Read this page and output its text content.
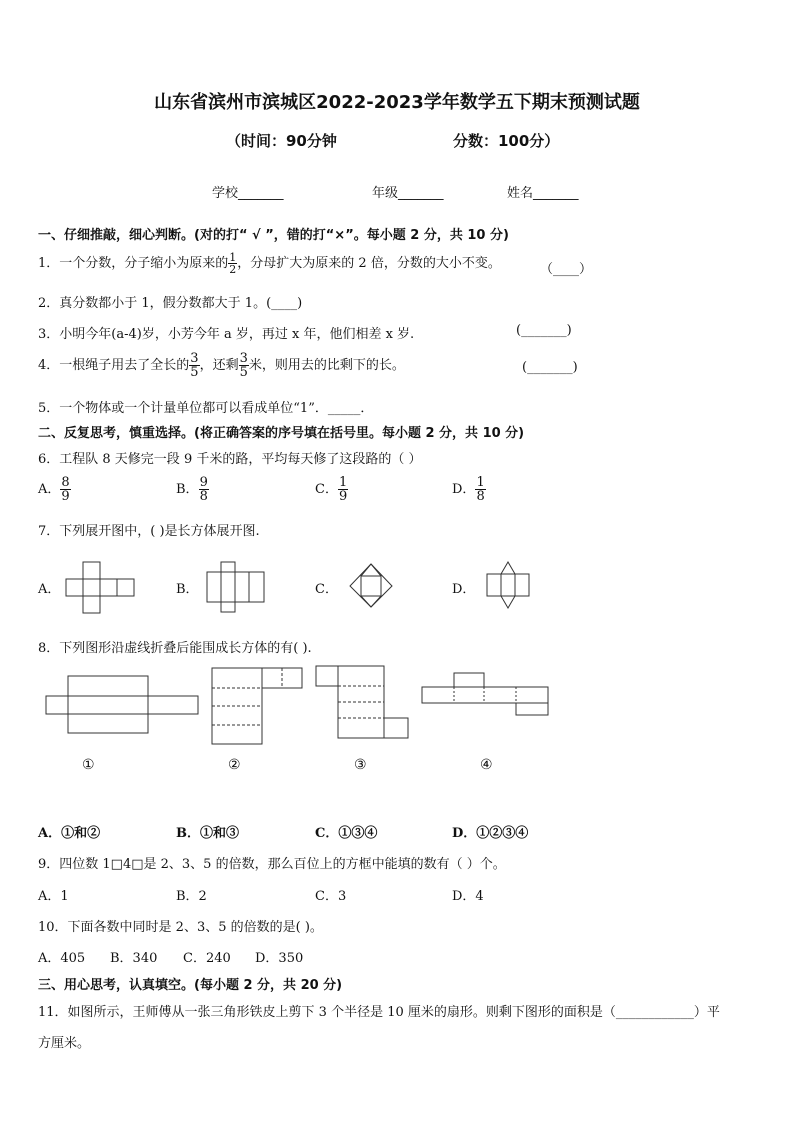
山东省滨州市滨城区2022-2023学年数学五下期末预测试题
（时间：90分钟	分数：100分）
学校_______	年级_______	姓名_______
一、仔细推敲，细心判断。(对的打“ √ ”，错的打“×”。每小题 2 分，共 10 分)
1．一个分数，分子缩小为原来的 $\frac{1}{2}$ ，分母扩大为原来的 2 倍，分数的大小不变。	（____）
2．真分数都小于 1，假分数都大于 1。(____)
3．小明今年(a-4)岁，小芳今年 a 岁，再过 x 年，他们相差 x 岁.	(_______)
4．一根绳子用去了全长的 $\frac{3}{5}$ ，还剩 $\frac{3}{5}$ 米，则用去的比剩下的长。	(_______)
5．一个物体或一个计量单位都可以看成单位“1”．_____．
二、反复思考，慎重选择。(将正确答案的序号填在括号里。每小题 2 分，共 10 分)
6．工程队 8 天修完一段 9 千米的路，平均每天修了这段路的（ ）
A． $\frac{8}{9}$	B． $\frac{9}{8}$	C． $\frac{1}{9}$	D． $\frac{1}{8}$
7．下列展开图中，( )是长方体展开图.
A．	B．	C．	D．
8．下列图形沿虚线折叠后能围成长方体的有( ).
①	②	③	④
A．①和②	B．①和③	C．①③④	D．①②③④
9．四位数 1□4□是 2、3、5 的倍数，那么百位上的方框中能填的数有（ ）个。
A．1	B．2	C．3	D．4
10．下面各数中同时是 2、3、5 的倍数的是( )。
A．405 B．340 C．240 D．350
三、用心思考，认真填空。(每小题 2 分，共 20 分)
11．如图所示，王师傅从一张三角形铁皮上剪下 3 个半径是 10 厘米的扇形。则剩下图形的面积是（____________）平
方厘米。
